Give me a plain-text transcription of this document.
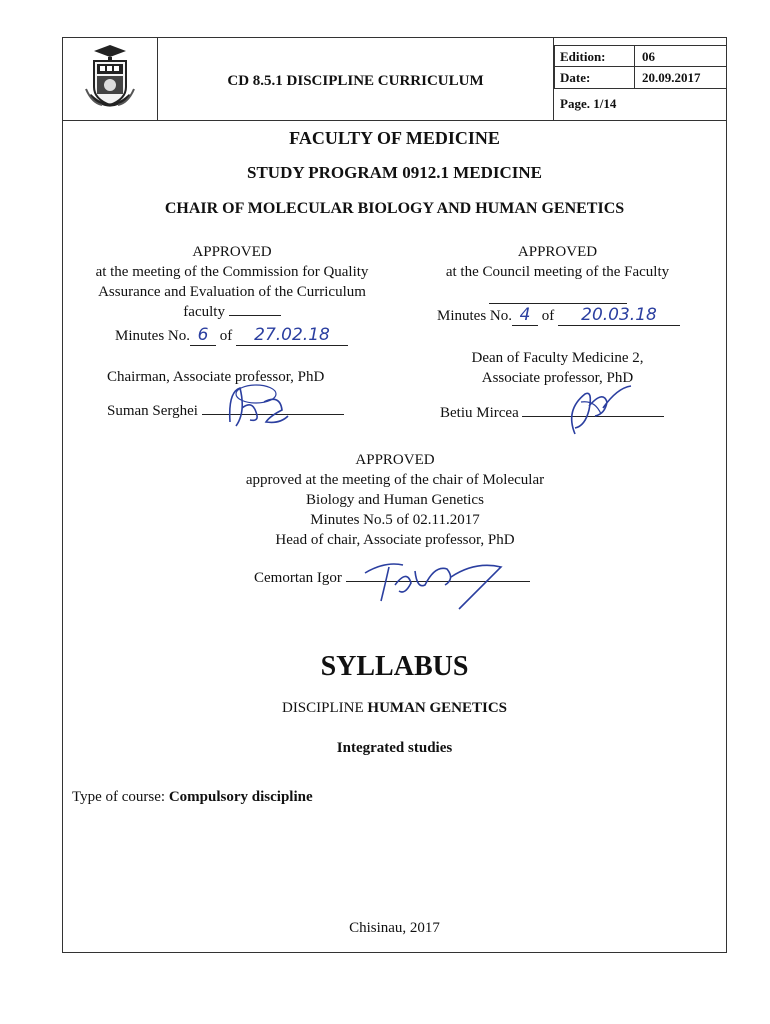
CD 8.5.1 DISCIPLINE CURRICULUM
Edition:	06
Date:	20.09.2017
Page. 1/14
FACULTY OF MEDICINE
STUDY PROGRAM 0912.1 MEDICINE
CHAIR OF MOLECULAR BIOLOGY AND HUMAN GENETICS
APPROVED
at the meeting of the Commission for Quality
Assurance and Evaluation of the Curriculum
faculty
Minutes No. 6 of 27.02.18
Chairman, Associate professor, PhD
Suman Serghei
APPROVED
at the Council meeting of the Faculty
Minutes No. 4 of 20.03.18
Dean of Faculty Medicine 2,
Associate professor, PhD
Betiu Mircea
APPROVED
approved at the meeting of the chair of Molecular
Biology and Human Genetics
Minutes No.5 of 02.11.2017
Head of chair, Associate professor, PhD
Cemortan Igor
SYLLABUS
DISCIPLINE HUMAN GENETICS
Integrated studies
Type of course: Compulsory discipline
Chisinau, 2017
